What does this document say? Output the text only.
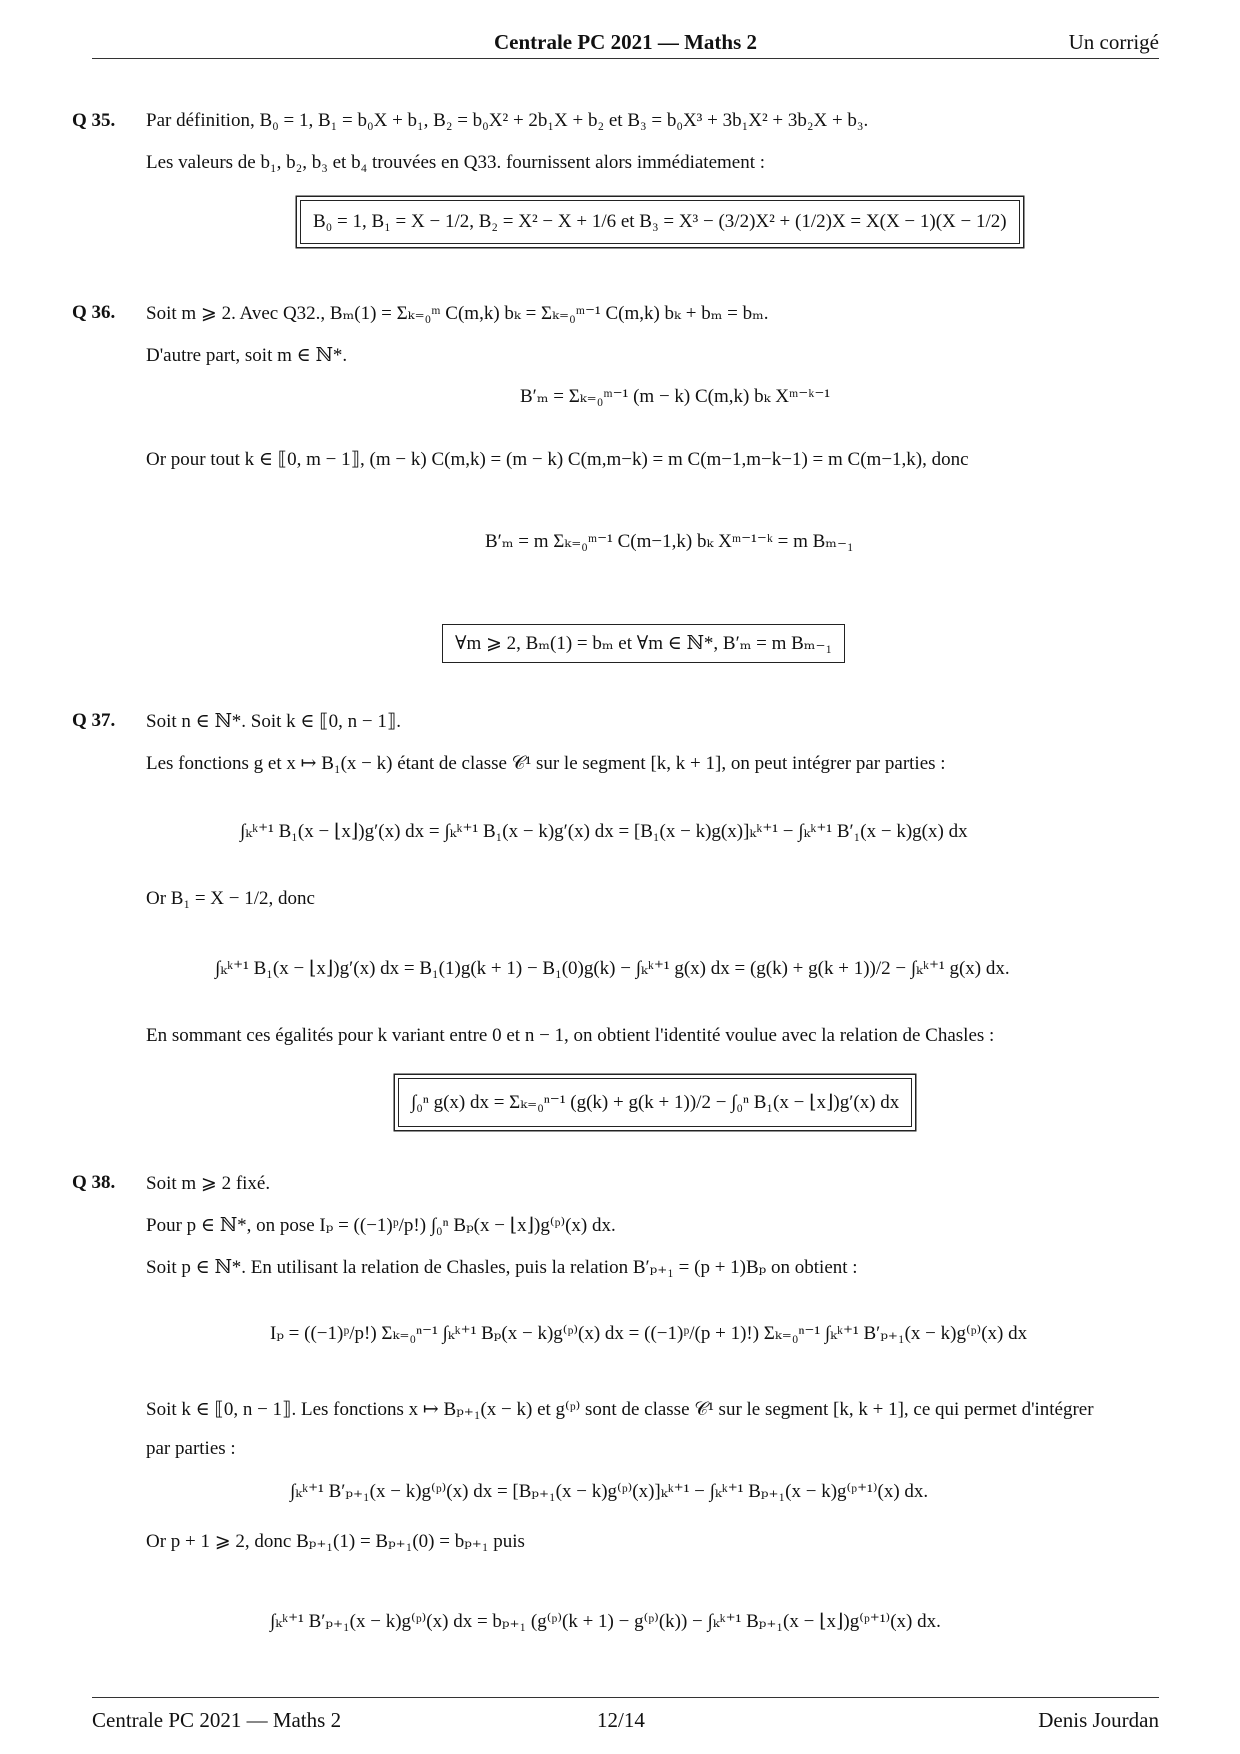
Centrale PC 2021 — Maths 2	Un corrigé
Q 35. Par définition, B₀ = 1, B₁ = b₀X + b₁, B₂ = b₀X² + 2b₁X + b₂ et B₃ = b₀X³ + 3b₁X² + 3b₂X + b₃.
Les valeurs de b₁, b₂, b₃ et b₄ trouvées en Q33. fournissent alors immédiatement :
B₀ = 1, B₁ = X − 1/2, B₂ = X² − X + 1/6 et B₃ = X³ − (3/2)X² + (1/2)X = X(X − 1)(X − 1/2)
Q 36. Soit m ⩾ 2. Avec Q32., Bₘ(1) = Σₖ₌₀ᵐ C(m,k) bₖ = Σₖ₌₀ᵐ⁻¹ C(m,k) bₖ + bₘ = bₘ.
D'autre part, soit m ∈ ℕ*.
B′ₘ = Σₖ₌₀ᵐ⁻¹ (m − k) C(m,k) bₖ Xᵐ⁻ᵏ⁻¹
Or pour tout k ∈ ⟦0, m − 1⟧, (m − k) C(m,k) = (m − k) C(m,m−k) = m C(m−1,m−k−1) = m C(m−1,k), donc
B′ₘ = m Σₖ₌₀ᵐ⁻¹ C(m−1,k) bₖ Xᵐ⁻¹⁻ᵏ = m Bₘ₋₁
∀m ⩾ 2, Bₘ(1) = bₘ et ∀m ∈ ℕ*, B′ₘ = m Bₘ₋₁
Q 37. Soit n ∈ ℕ*. Soit k ∈ ⟦0, n − 1⟧.
Les fonctions g et x ↦ B₁(x − k) étant de classe 𝒞¹ sur le segment [k, k + 1], on peut intégrer par parties :
∫ₖᵏ⁺¹ B₁(x − ⌊x⌋)g′(x) dx = ∫ₖᵏ⁺¹ B₁(x − k)g′(x) dx = [B₁(x − k)g(x)]ₖᵏ⁺¹ − ∫ₖᵏ⁺¹ B′₁(x − k)g(x) dx
Or B₁ = X − 1/2, donc
∫ₖᵏ⁺¹ B₁(x − ⌊x⌋)g′(x) dx = B₁(1)g(k + 1) − B₁(0)g(k) − ∫ₖᵏ⁺¹ g(x) dx = (g(k) + g(k + 1))/2 − ∫ₖᵏ⁺¹ g(x) dx.
En sommant ces égalités pour k variant entre 0 et n − 1, on obtient l'identité voulue avec la relation de Chasles :
∫₀ⁿ g(x) dx = Σₖ₌₀ⁿ⁻¹ (g(k) + g(k + 1))/2 − ∫₀ⁿ B₁(x − ⌊x⌋)g′(x) dx
Q 38. Soit m ⩾ 2 fixé.
Pour p ∈ ℕ*, on pose Iₚ = ((−1)ᵖ/p!) ∫₀ⁿ Bₚ(x − ⌊x⌋)g⁽ᵖ⁾(x) dx.
Soit p ∈ ℕ*. En utilisant la relation de Chasles, puis la relation B′ₚ₊₁ = (p + 1)Bₚ on obtient :
Iₚ = ((−1)ᵖ/p!) Σₖ₌₀ⁿ⁻¹ ∫ₖᵏ⁺¹ Bₚ(x − k)g⁽ᵖ⁾(x) dx = ((−1)ᵖ/(p + 1)!) Σₖ₌₀ⁿ⁻¹ ∫ₖᵏ⁺¹ B′ₚ₊₁(x − k)g⁽ᵖ⁾(x) dx
Soit k ∈ ⟦0, n − 1⟧. Les fonctions x ↦ Bₚ₊₁(x − k) et g⁽ᵖ⁾ sont de classe 𝒞¹ sur le segment [k, k + 1], ce qui permet d'intégrer
par parties :
∫ₖᵏ⁺¹ B′ₚ₊₁(x − k)g⁽ᵖ⁾(x) dx = [Bₚ₊₁(x − k)g⁽ᵖ⁾(x)]ₖᵏ⁺¹ − ∫ₖᵏ⁺¹ Bₚ₊₁(x − k)g⁽ᵖ⁺¹⁾(x) dx.
Or p + 1 ⩾ 2, donc Bₚ₊₁(1) = Bₚ₊₁(0) = bₚ₊₁ puis
∫ₖᵏ⁺¹ B′ₚ₊₁(x − k)g⁽ᵖ⁾(x) dx = bₚ₊₁ (g⁽ᵖ⁾(k + 1) − g⁽ᵖ⁾(k)) − ∫ₖᵏ⁺¹ Bₚ₊₁(x − ⌊x⌋)g⁽ᵖ⁺¹⁾(x) dx.
Centrale PC 2021 — Maths 2	12/14	Denis Jourdan
